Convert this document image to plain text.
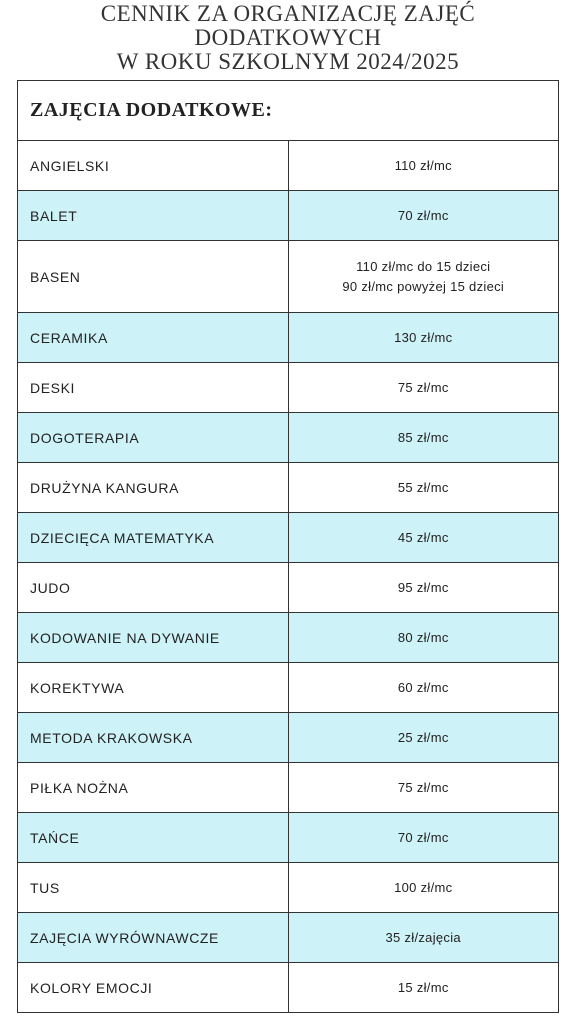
CENNIK ZA ORGANIZACJĘ ZAJĘĆ
DODATKOWYCH
W ROKU SZKOLNYM 2024/2025
ZAJĘCIA DODATKOWE:	
ANGIELSKI	110 zł/mc

BALET	70 zł/mc

BASEN	110 zł/mc do 15 dzieci
90 zł/mc powyżej 15 dzieci

CERAMIKA	130 zł/mc

DESKI	75 zł/mc

DOGOTERAPIA	85 zł/mc

DRUŻYNA KANGURA	55 zł/mc

DZIECIĘCA MATEMATYKA	45 zł/mc

JUDO	95 zł/mc

KODOWANIE NA DYWANIE	80 zł/mc

KOREKTYWA	60 zł/mc

METODA KRAKOWSKA	25 zł/mc

PIŁKA NOŻNA	75 zł/mc

TAŃCE	70 zł/mc

TUS	100 zł/mc

ZAJĘCIA WYRÓWNAWCZE	35 zł/zajęcia

KOLORY EMOCJI	15 zł/mc
